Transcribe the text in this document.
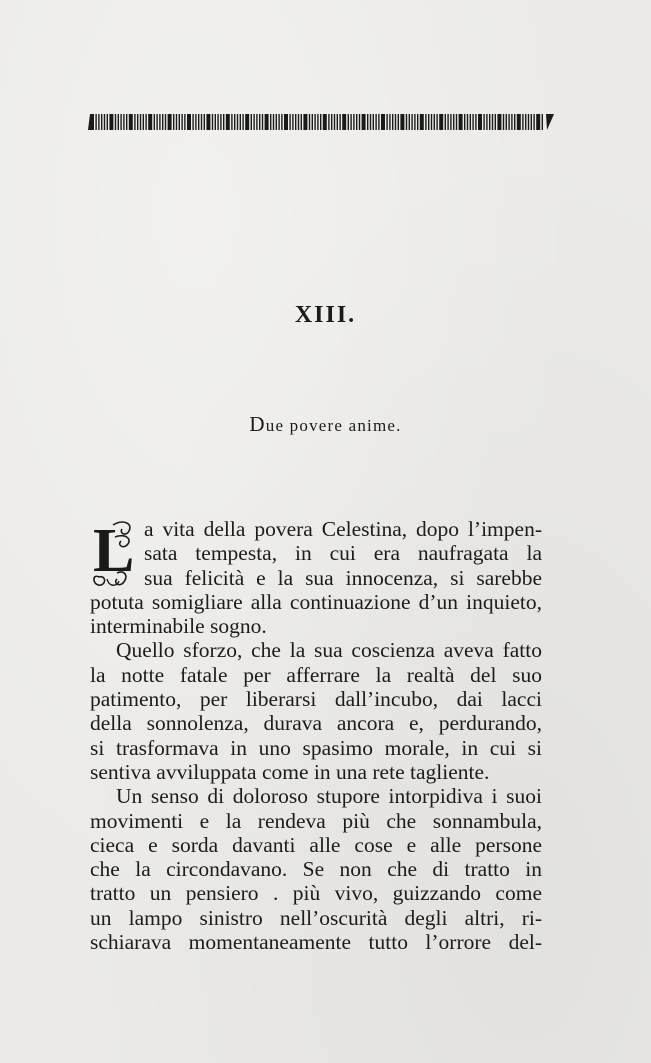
XIII.
Due povere anime.
L a vita della povera Celestina, dopo l’impen-
sata tempesta, in cui era naufragata la
sua felicità e la sua innocenza, si sarebbe
potuta somigliare alla continuazione d’un inquieto,
interminabile sogno.
Quello sforzo, che la sua coscienza aveva fatto
la notte fatale per afferrare la realtà del suo
patimento, per liberarsi dall’incubo, dai lacci
della sonnolenza, durava ancora e, perdurando,
si trasformava in uno spasimo morale, in cui si
sentiva avviluppata come in una rete tagliente.
Un senso di doloroso stupore intorpidiva i suoi
movimenti e la rendeva più che sonnambula,
cieca e sorda davanti alle cose e alle persone
che la circondavano. Se non che di tratto in
tratto un pensiero . più vivo, guizzando come
un lampo sinistro nell’oscurità degli altri, ri-
schiarava momentaneamente tutto l’orrore del-
